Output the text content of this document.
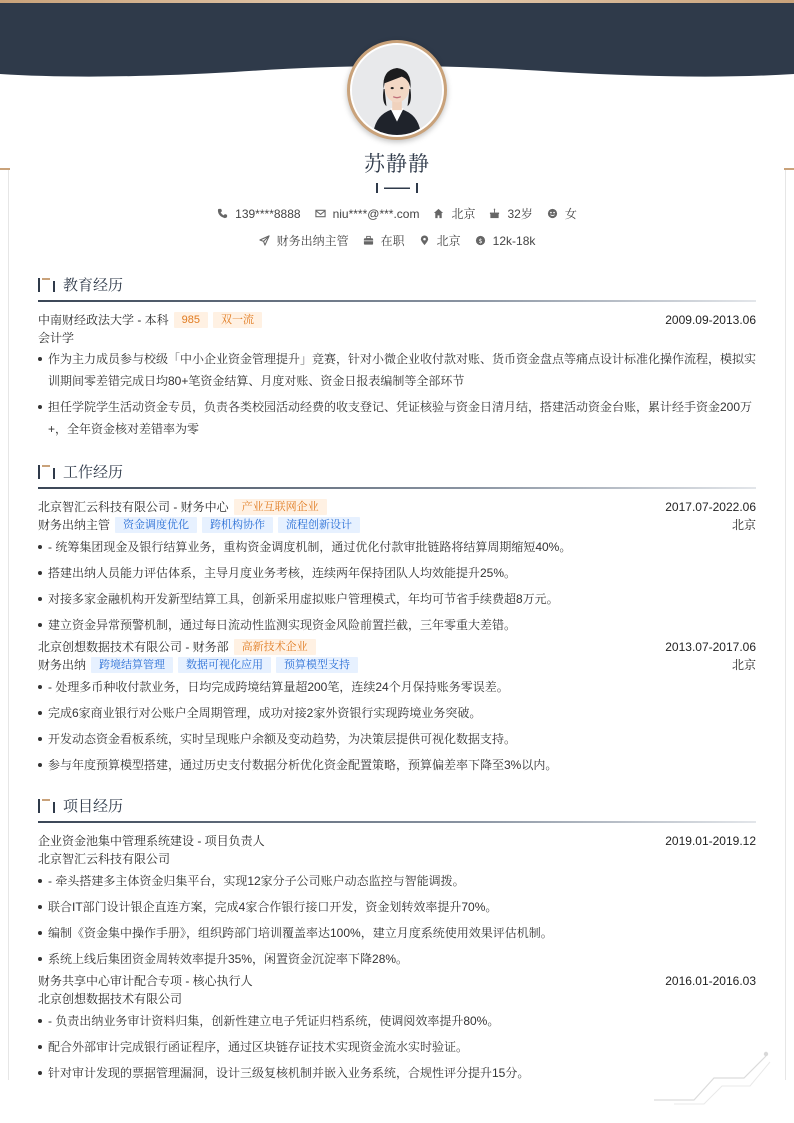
苏静静
139****8888	niu****@***.com	北京	32岁	女
财务出纳主管	在职	北京 $ 12k-18k
教育经历
中南财经政法大学 - 本科	985	双一流	2009.09-2013.06
会计学
作为主力成员参与校级「中小企业资金管理提升」竞赛，针对小微企业收付款对账、货币资金盘点等痛点设计标准化操作流程，模拟实训期间零差错完成日均80+笔资金结算、月度对账、资金日报表编制等全部环节
担任学院学生活动资金专员，负责各类校园活动经费的收支登记、凭证核验与资金日清月结，搭建活动资金台账，累计经手资金200万+，全年资金核对差错率为零
工作经历
北京智汇云科技有限公司 - 财务中心	产业互联网企业	2017.07-2022.06
财务出纳主管	资金调度优化	跨机构协作	流程创新设计	北京
- 统筹集团现金及银行结算业务，重构资金调度机制，通过优化付款审批链路将结算周期缩短40%。
搭建出纳人员能力评估体系，主导月度业务考核，连续两年保持团队人均效能提升25%。
对接多家金融机构开发新型结算工具，创新采用虚拟账户管理模式，年均可节省手续费超8万元。
建立资金异常预警机制，通过每日流动性监测实现资金风险前置拦截，三年零重大差错。
北京创想数据技术有限公司 - 财务部	高新技术企业	2013.07-2017.06
财务出纳	跨境结算管理	数据可视化应用	预算模型支持	北京
- 处理多币种收付款业务，日均完成跨境结算量超200笔，连续24个月保持账务零误差。
完成6家商业银行对公账户全周期管理，成功对接2家外资银行实现跨境业务突破。
开发动态资金看板系统，实时呈现账户余额及变动趋势，为决策层提供可视化数据支持。
参与年度预算模型搭建，通过历史支付数据分析优化资金配置策略，预算偏差率下降至3%以内。
项目经历
企业资金池集中管理系统建设 - 项目负责人	2019.01-2019.12
北京智汇云科技有限公司
- 牵头搭建多主体资金归集平台，实现12家分子公司账户动态监控与智能调拨。
联合IT部门设计银企直连方案，完成4家合作银行接口开发，资金划转效率提升70%。
编制《资金集中操作手册》，组织跨部门培训覆盖率达100%，建立月度系统使用效果评估机制。
系统上线后集团资金周转效率提升35%，闲置资金沉淀率下降28%。
财务共享中心审计配合专项 - 核心执行人	2016.01-2016.03
北京创想数据技术有限公司
- 负责出纳业务审计资料归集，创新性建立电子凭证归档系统，使调阅效率提升80%。
配合外部审计完成银行函证程序，通过区块链存证技术实现资金流水实时验证。
针对审计发现的票据管理漏洞，设计三级复核机制并嵌入业务系统，合规性评分提升15分。
